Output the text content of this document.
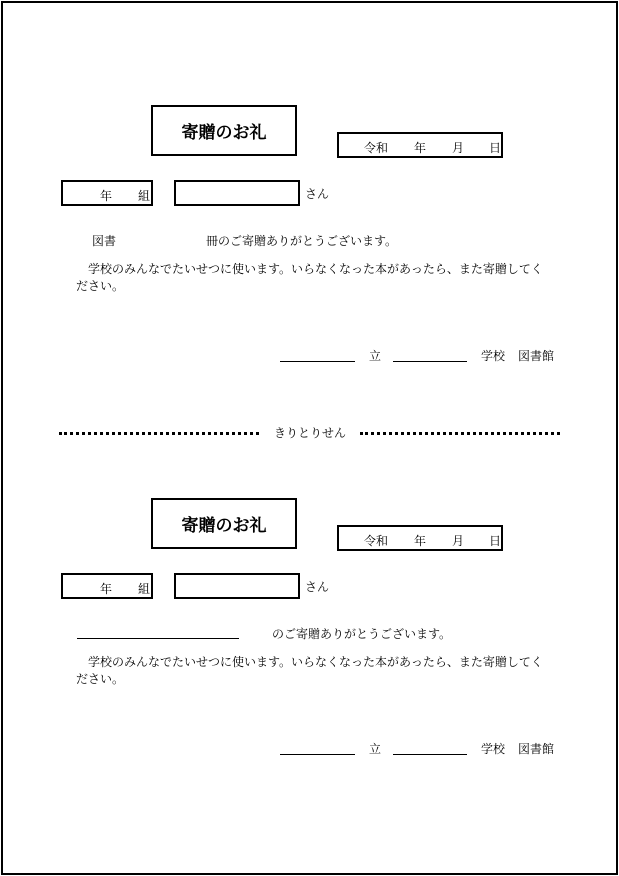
寄贈のお礼
令和 年 月 日
年 組	さん
図書	冊のご寄贈ありがとうございます。
学校のみんなでたいせつに使います。いらなくなった本があったら、また寄贈してください。
立	学校 図書館
きりとりせん
寄贈のお礼
令和 年 月 日
年 組	さん
のご寄贈ありがとうございます。
学校のみんなでたいせつに使います。いらなくなった本があったら、また寄贈してください。
立	学校 図書館
